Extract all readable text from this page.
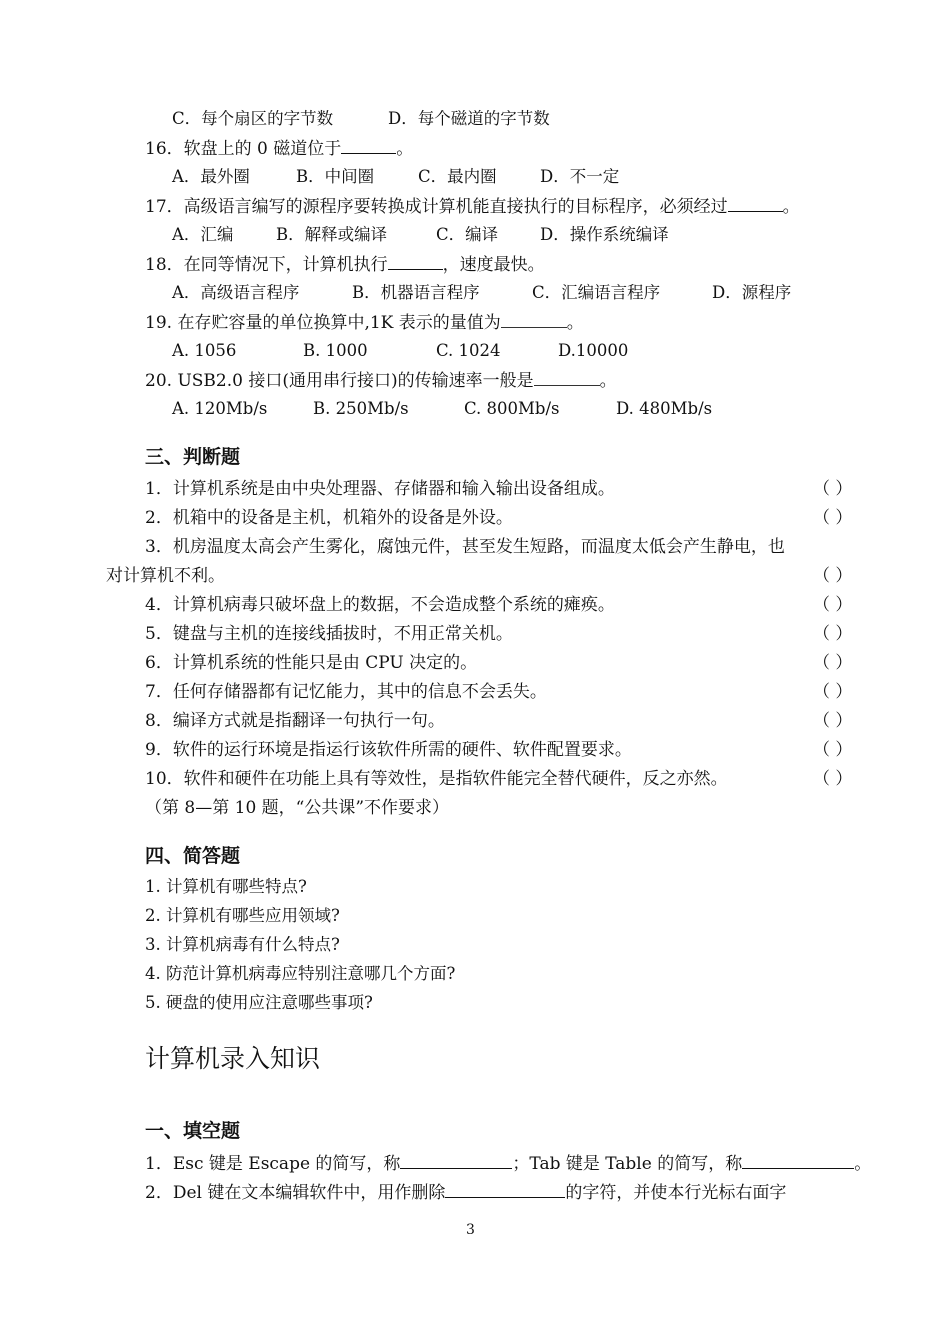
C．每个扇区的字节数	D．每个磁道的字节数
16．软盘上的 0 磁道位于	。
A．最外圈	B．中间圈	C．最内圈	D．不一定
17．高级语言编写的源程序要转换成计算机能直接执行的目标程序，必须经过	。
A．汇编	B．解释或编译	C．编译	D．操作系统编译
18．在同等情况下，计算机执行	，速度最快。
A．高级语言程序	B．机器语言程序	C．汇编语言程序	D．源程序
19. 在存贮容量的单位换算中,1K 表示的量值为	。
A. 1056	B. 1000	C. 1024	D.10000
20. USB2.0 接口(通用串行接口)的传输速率一般是	。
A. 120Mb/s	B. 250Mb/s	C. 800Mb/s	D. 480Mb/s
三、判断题
1．计算机系统是由中央处理器、存储器和输入输出设备组成。	（ ）
2．机箱中的设备是主机，机箱外的设备是外设。	（ ）
3．机房温度太高会产生雾化，腐蚀元件，甚至发生短路，而温度太低会产生静电，也
对计算机不利。	（ ）
4．计算机病毒只破坏盘上的数据，不会造成整个系统的瘫痪。	（ ）
5．键盘与主机的连接线插拔时，不用正常关机。	（ ）
6．计算机系统的性能只是由 CPU 决定的。	（ ）
7．任何存储器都有记忆能力，其中的信息不会丢失。	（ ）
8．编译方式就是指翻译一句执行一句。	（ ）
9．软件的运行环境是指运行该软件所需的硬件、软件配置要求。	（ ）
10．软件和硬件在功能上具有等效性，是指软件能完全替代硬件，反之亦然。	（ ）
（第 8—第 10 题，“公共课”不作要求）
四、简答题
1. 计算机有哪些特点?
2. 计算机有哪些应用领域?
3. 计算机病毒有什么特点?
4. 防范计算机病毒应特别注意哪几个方面?
5. 硬盘的使用应注意哪些事项?
计算机录入知识
一、填空题
1．Esc 键是 Escape 的简写，称	；Tab 键是 Table 的简写，称	。
2．Del 键在文本编辑软件中，用作删除	的字符，并使本行光标右面字
3
